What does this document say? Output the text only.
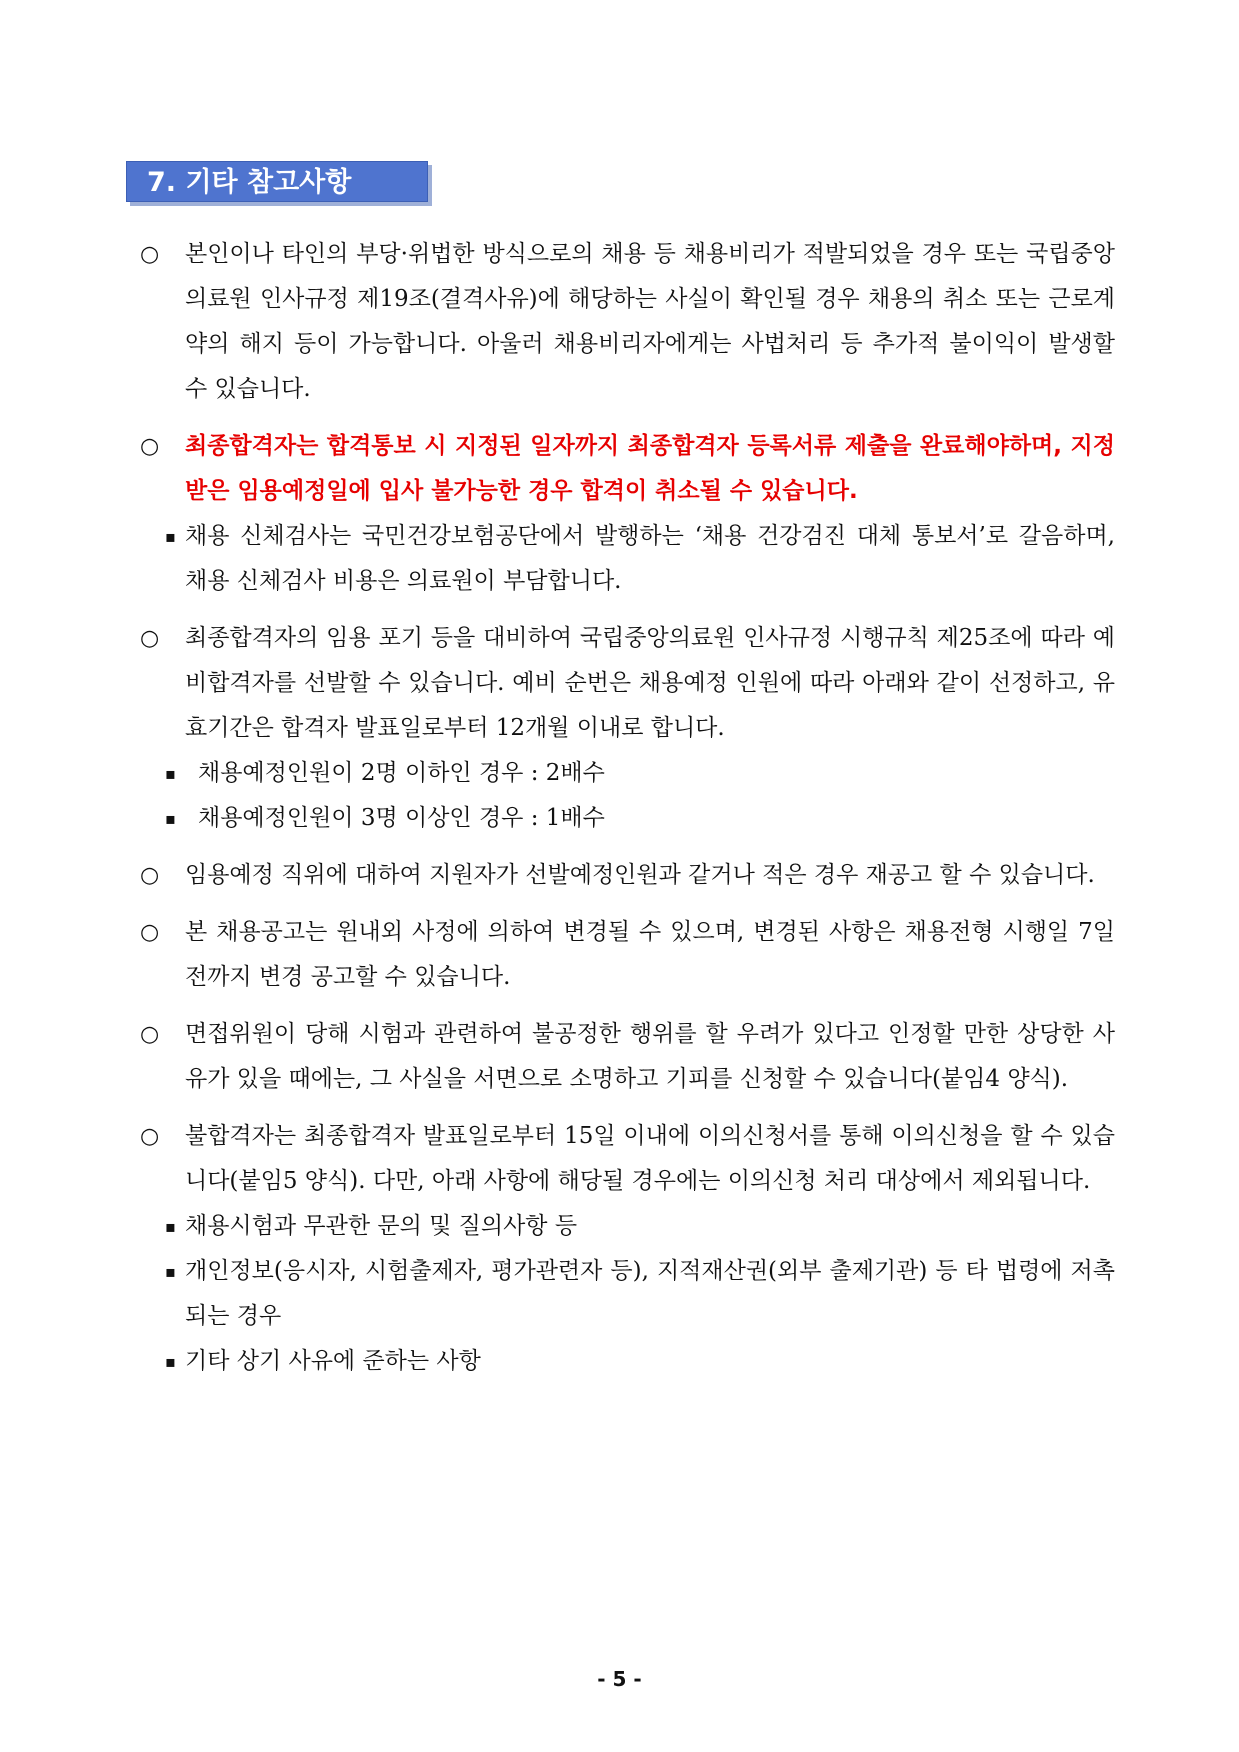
7. 기타 참고사항

○ 본인이나 타인의 부당·위법한 방식으로의 채용 등 채용비리가 적발되었을 경우 또는 국립중앙의료원 인사규정 제19조(결격사유)에 해당하는 사실이 확인될 경우 채용의 취소 또는 근로계약의 해지 등이 가능합니다. 아울러 채용비리자에게는 사법처리 등 추가적 불이익이 발생할 수 있습니다.

○ 최종합격자는 합격통보 시 지정된 일자까지 최종합격자 등록서류 제출을 완료해야하며, 지정받은 임용예정일에 입사 불가능한 경우 합격이 취소될 수 있습니다.

▪ 채용 신체검사는 국민건강보험공단에서 발행하는 ‘채용 건강검진 대체 통보서’로 갈음하며, 채용 신체검사 비용은 의료원이 부담합니다.

○ 최종합격자의 임용 포기 등을 대비하여 국립중앙의료원 인사규정 시행규칙 제25조에 따라 예비합격자를 선발할 수 있습니다. 예비 순번은 채용예정 인원에 따라 아래와 같이 선정하고, 유효기간은 합격자 발표일로부터 12개월 이내로 합니다.

▪ 채용예정인원이 2명 이하인 경우 : 2배수

▪ 채용예정인원이 3명 이상인 경우 : 1배수

○ 임용예정 직위에 대하여 지원자가 선발예정인원과 같거나 적은 경우 재공고 할 수 있습니다.

○ 본 채용공고는 원내외 사정에 의하여 변경될 수 있으며, 변경된 사항은 채용전형 시행일 7일 전까지 변경 공고할 수 있습니다.

○ 면접위원이 당해 시험과 관련하여 불공정한 행위를 할 우려가 있다고 인정할 만한 상당한 사유가 있을 때에는, 그 사실을 서면으로 소명하고 기피를 신청할 수 있습니다(붙임4 양식).

○ 불합격자는 최종합격자 발표일로부터 15일 이내에 이의신청서를 통해 이의신청을 할 수 있습니다(붙임5 양식). 다만, 아래 사항에 해당될 경우에는 이의신청 처리 대상에서 제외됩니다.

▪ 채용시험과 무관한 문의 및 질의사항 등

▪ 개인정보(응시자, 시험출제자, 평가관련자 등), 지적재산권(외부 출제기관) 등 타 법령에 저촉되는 경우

▪ 기타 상기 사유에 준하는 사항

- 5 -
